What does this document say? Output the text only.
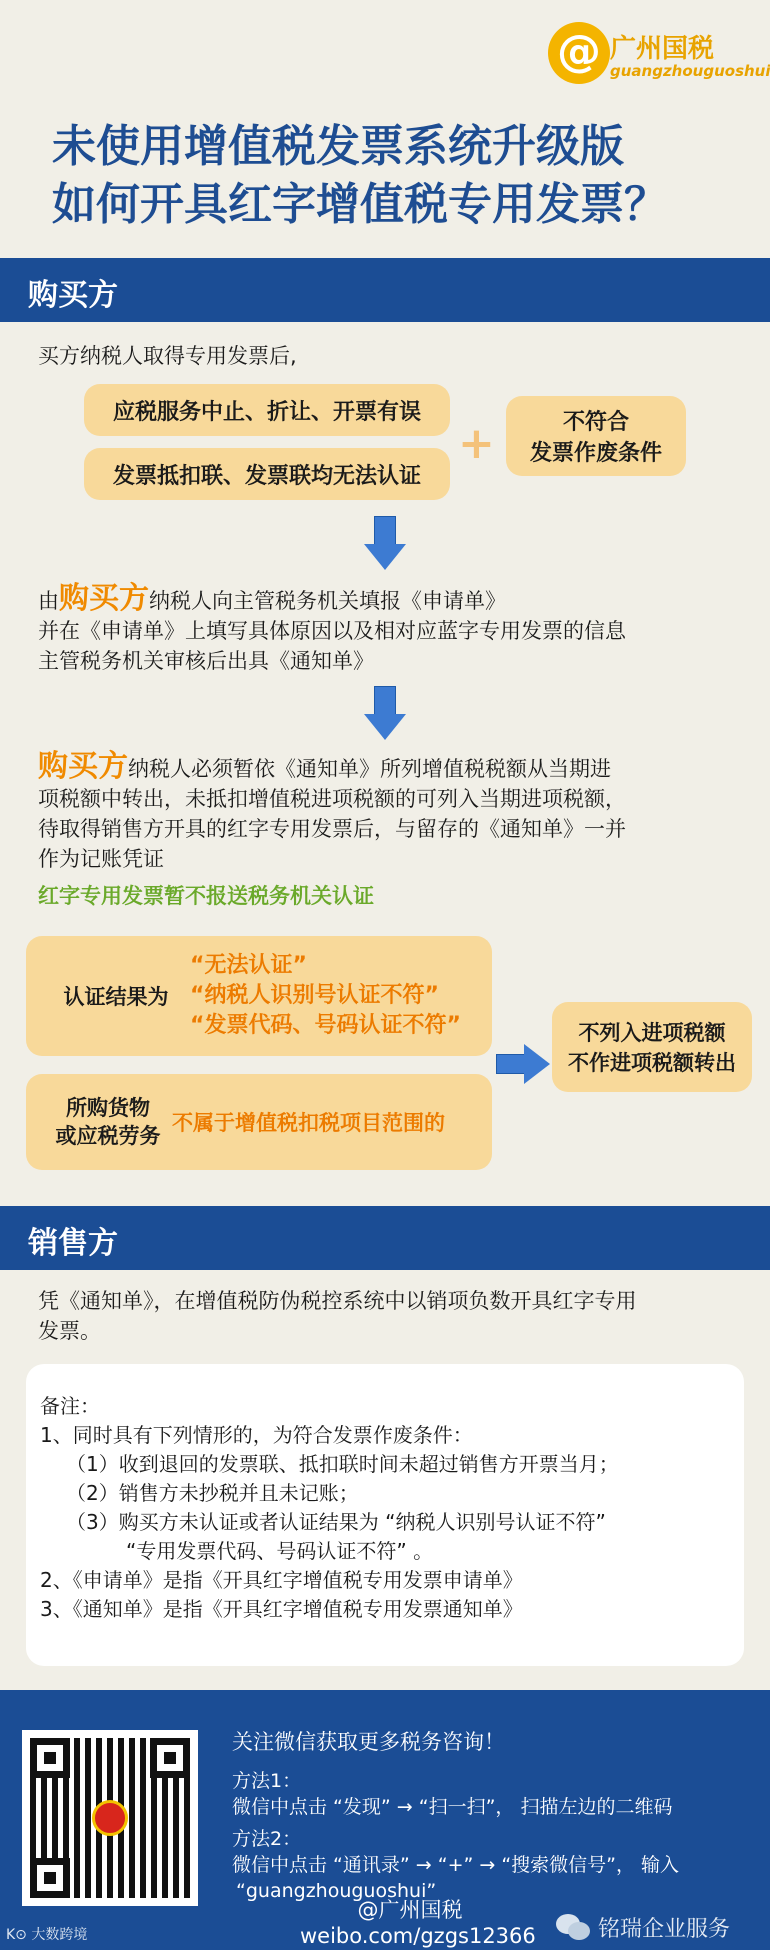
@ 广州国税
guangzhouguoshui
未使用增值税发票系统升级版
如何开具红字增值税专用发票？
购买方
买方纳税人取得专用发票后,
应税服务中止、折让、开票有误
发票抵扣联、发票联均无法认证
+	不符合
发票作废条件
由购买方纳税人向主管税务机关填报《申请单》
并在《申请单》上填写具体原因以及相对应蓝字专用发票的信息
主管税务机关审核后出具《通知单》
购买方纳税人必须暂依《通知单》所列增值税税额从当期进
项税额中转出，未抵扣增值税进项税额的可列入当期进项税额，
待取得销售方开具的红字专用发票后，与留存的《通知单》一并
作为记账凭证
红字专用发票暂不报送税务机关认证
认证结果为
“无法认证”
“纳税人识别号认证不符”
“发票代码、号码认证不符”
所购货物
或应税劳务
不属于增值税扣税项目范围的
不列入进项税额
不作进项税额转出
销售方
凭《通知单》，在增值税防伪税控系统中以销项负数开具红字专用
发票。
备注：
1、同时具有下列情形的，为符合发票作废条件：
（1）收到退回的发票联、抵扣联时间未超过销售方开票当月；
（2）销售方未抄税并且未记账；
（3）购买方未认证或者认证结果为 “纳税人识别号认证不符”
“专用发票代码、号码认证不符” 。
2、《申请单》是指《开具红字增值税专用发票申请单》
3、《通知单》是指《开具红字增值税专用发票通知单》
关注微信获取更多税务咨询！
方法1：
微信中点击 “发现” → “扫一扫”， 扫描左边的二维码
方法2：
微信中点击 “通讯录” → “+” → “搜索微信号”， 输入
“guangzhouguoshui”
@广州国税
weibo.com/gzgs12366	铭瑞企业服务
K⊙ 大数跨境
